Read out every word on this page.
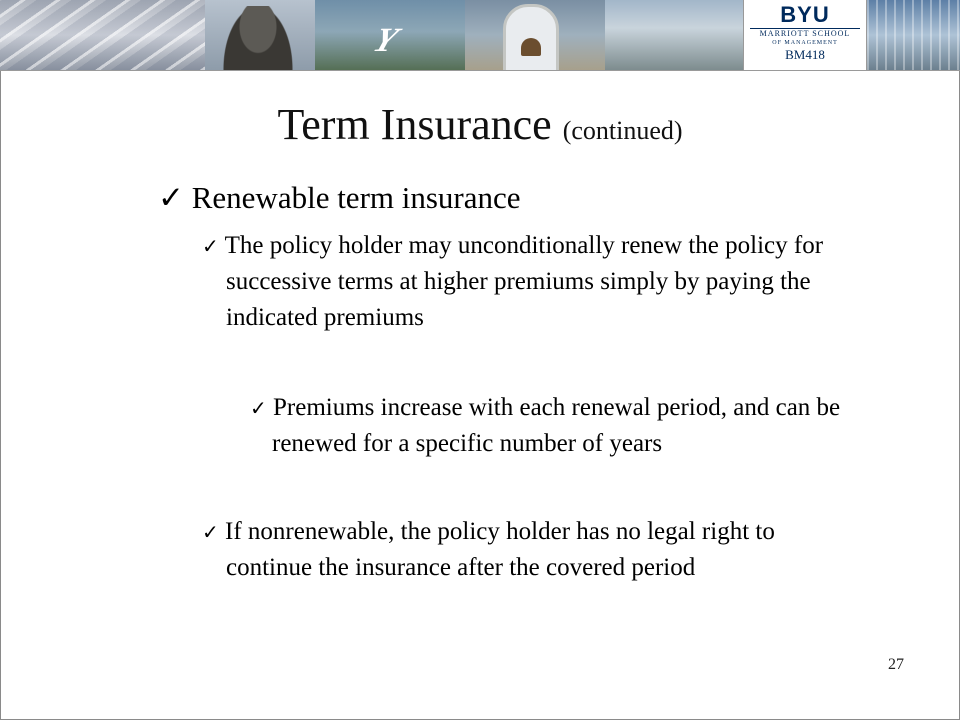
Y
BYU
MARRIOTT SCHOOL
OF MANAGEMENT
BM418
Term Insurance (continued)
✓ Renewable term insurance
✓ The policy holder may unconditionally renew the policy for successive terms at higher premiums simply by paying the indicated premiums
✓ Premiums increase with each renewal period, and can be renewed for a specific number of years
✓ If nonrenewable, the policy holder has no legal right to continue the insurance after the covered period
27
